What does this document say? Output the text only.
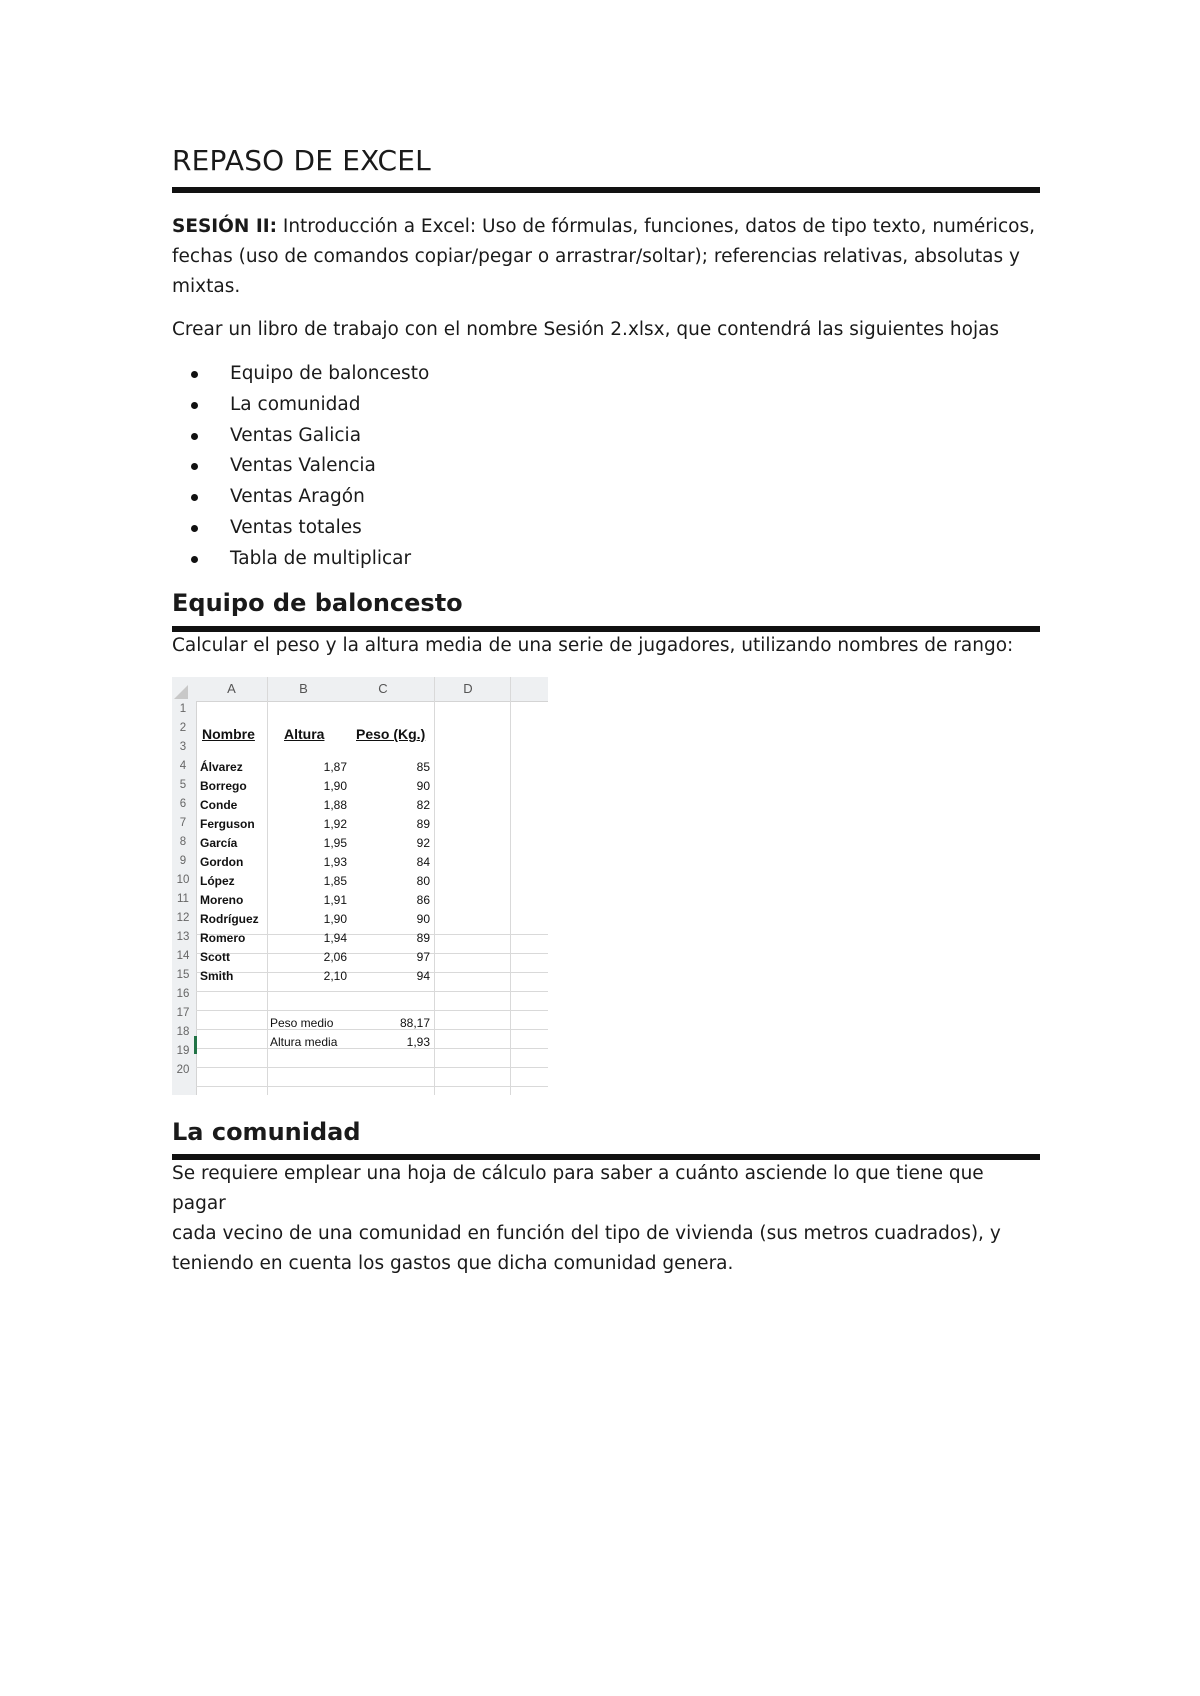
REPASO DE EXCEL
SESIÓN II: Introducción a Excel: Uso de fórmulas, funciones, datos de tipo texto, numéricos,
fechas (uso de comandos copiar/pegar o arrastrar/soltar); referencias relativas, absolutas y
mixtas.
Crear un libro de trabajo con el nombre Sesión 2.xlsx, que contendrá las siguientes hojas
Equipo de baloncesto
La comunidad
Ventas Galicia
Ventas Valencia
Ventas Aragón
Ventas totales
Tabla de multiplicar
Equipo de baloncesto
Calcular el peso y la altura media de una serie de jugadores, utilizando nombres de rango:
A	B	C	D
1
2
3
4
5
6
7
8
9
10
11
12
13
14
15
16
17
18
19
20
Nombre Altura Peso (Kg.)
Álvarez	1,87	85
Borrego	1,90	90
Conde	1,88	82
Ferguson	1,92	89
García	1,95	92
Gordon	1,93	84
López	1,85	80
Moreno	1,91	86
Rodríguez	1,90	90
Romero	1,94	89
Scott	2,06	97
Smith	2,10	94
Peso medio	88,17
Altura media	1,93
La comunidad
Se requiere emplear una hoja de cálculo para saber a cuánto asciende lo que tiene que pagar
cada vecino de una comunidad en función del tipo de vivienda (sus metros cuadrados), y
teniendo en cuenta los gastos que dicha comunidad genera.
